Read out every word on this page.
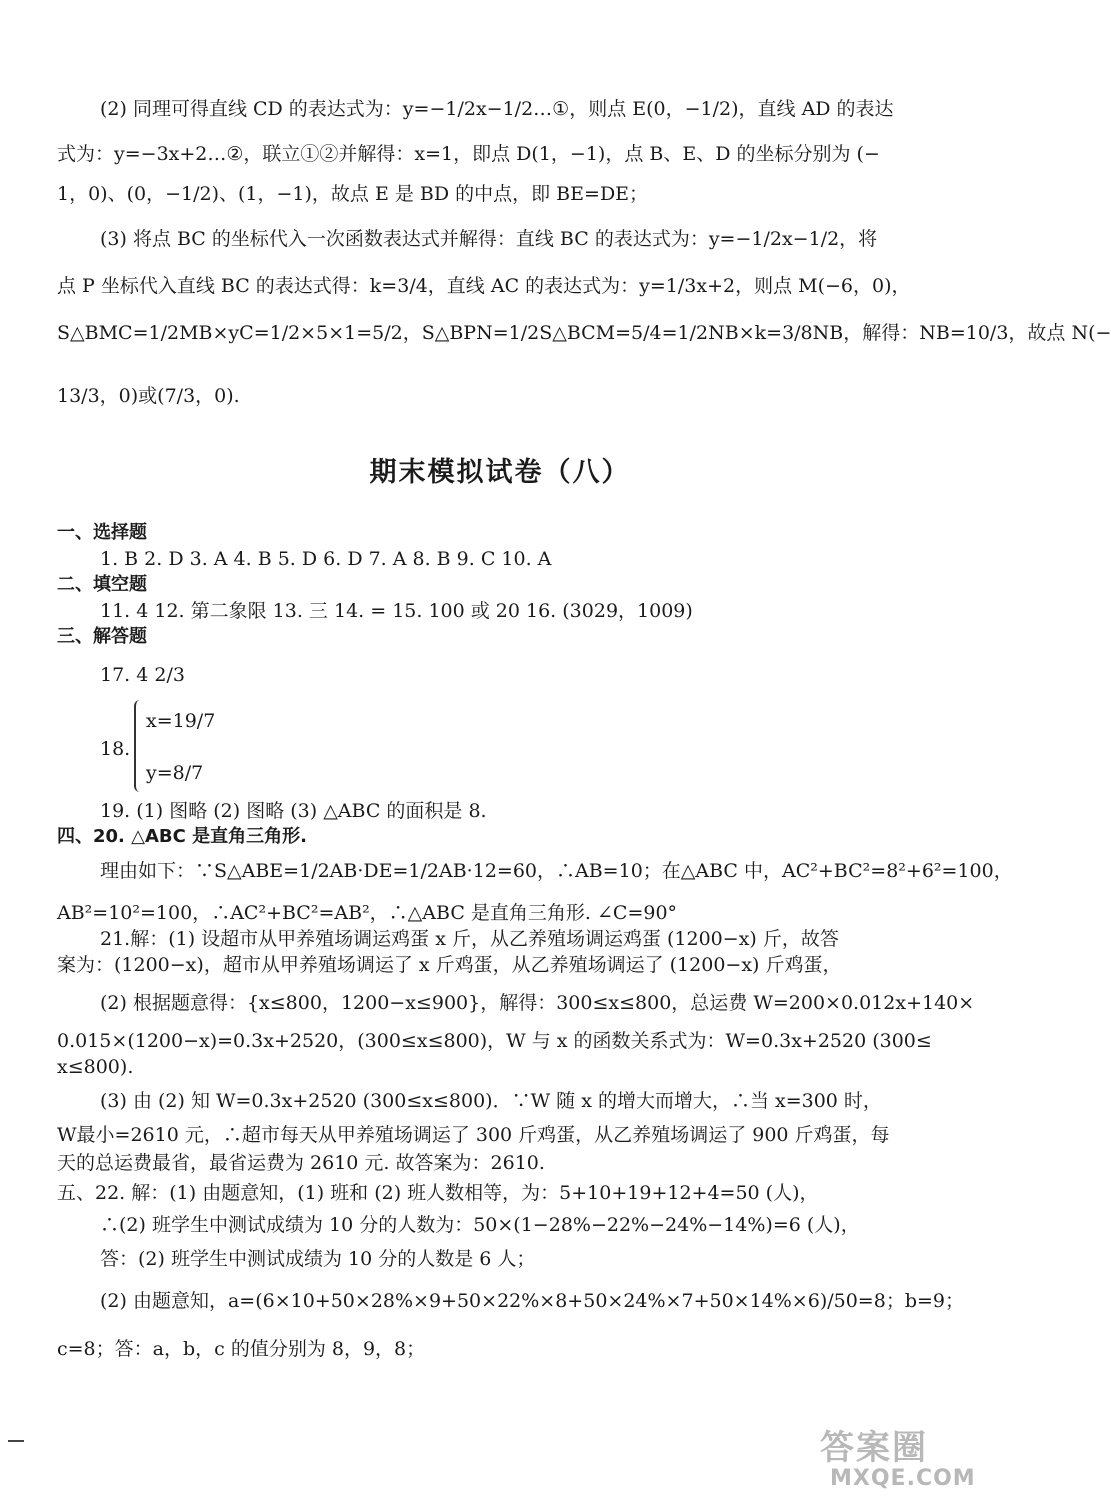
(2) 同理可得直线 CD 的表达式为：y=−1/2x−1/2…①，则点 E(0，−1/2)，直线 AD 的表达
式为：y=−3x+2…②，联立①②并解得：x=1，即点 D(1，−1)，点 B、E、D 的坐标分别为 (−
1，0)、(0，−1/2)、(1，−1)，故点 E 是 BD 的中点，即 BE=DE；
(3) 将点 BC 的坐标代入一次函数表达式并解得：直线 BC 的表达式为：y=−1/2x−1/2，将
点 P 坐标代入直线 BC 的表达式得：k=3/4，直线 AC 的表达式为：y=1/3x+2，则点 M(−6，0)，
S△BMC=1/2MB×yC=1/2×5×1=5/2，S△BPN=1/2S△BCM=5/4=1/2NB×k=3/8NB，解得：NB=10/3，故点 N(−
13/3，0)或(7/3，0).
期末模拟试卷（八）
一、选择题
1. B 2. D 3. A 4. B 5. D 6. D 7. A 8. B 9. C 10. A
二、填空题
11. 4 12. 第二象限 13. 三 14. = 15. 100 或 20 16. (3029，1009)
三、解答题
17. 4 2/3
18.
x=19/7
y=8/7
19. (1) 图略 (2) 图略 (3) △ABC 的面积是 8.
四、20. △ABC 是直角三角形.
理由如下：∵S△ABE=1/2AB·DE=1/2AB·12=60，∴AB=10；在△ABC 中，AC²+BC²=8²+6²=100，
AB²=10²=100，∴AC²+BC²=AB²，∴△ABC 是直角三角形. ∠C=90°
21.解：(1) 设超市从甲养殖场调运鸡蛋 x 斤，从乙养殖场调运鸡蛋 (1200−x) 斤，故答
案为：(1200−x)，超市从甲养殖场调运了 x 斤鸡蛋，从乙养殖场调运了 (1200−x) 斤鸡蛋，
(2) 根据题意得：{x≤800，1200−x≤900}，解得：300≤x≤800，总运费 W=200×0.012x+140×
0.015×(1200−x)=0.3x+2520，(300≤x≤800)，W 与 x 的函数关系式为：W=0.3x+2520 (300≤
x≤800).
(3) 由 (2) 知 W=0.3x+2520 (300≤x≤800)．∵W 随 x 的增大而增大，∴当 x=300 时，
W最小=2610 元，∴超市每天从甲养殖场调运了 300 斤鸡蛋，从乙养殖场调运了 900 斤鸡蛋，每
天的总运费最省，最省运费为 2610 元. 故答案为：2610.
五、22. 解：(1) 由题意知，(1) 班和 (2) 班人数相等，为：5+10+19+12+4=50 (人)，
∴(2) 班学生中测试成绩为 10 分的人数为：50×(1−28%−22%−24%−14%)=6 (人)，
答：(2) 班学生中测试成绩为 10 分的人数是 6 人；
(2) 由题意知，a=(6×10+50×28%×9+50×22%×8+50×24%×7+50×14%×6)/50=8；b=9；
c=8；答：a，b，c 的值分别为 8，9，8；
答案圈
MXQE.COM
